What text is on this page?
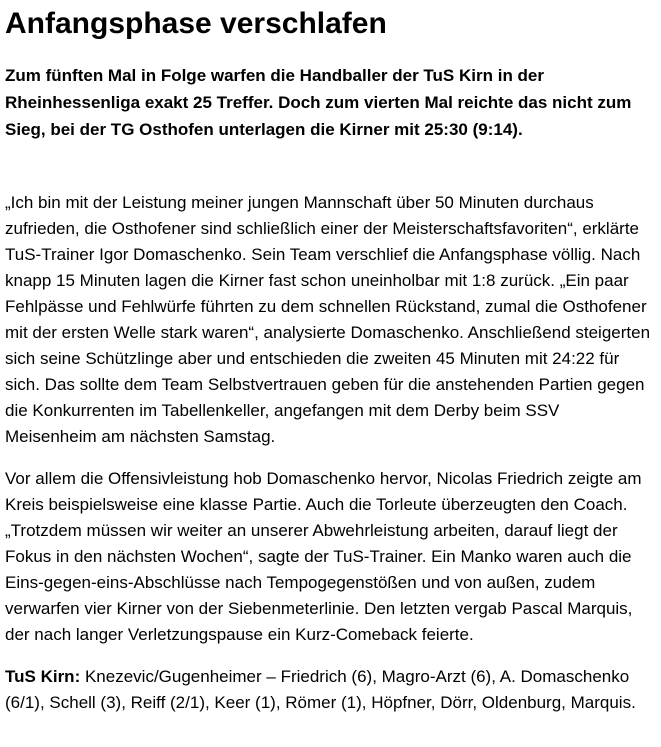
Anfangsphase verschlafen

Zum fünften Mal in Folge warfen die Handballer der TuS Kirn in der Rheinhessenliga exakt 25 Treffer. Doch zum vierten Mal reichte das nicht zum Sieg, bei der TG Osthofen unterlagen die Kirner mit 25:30 (9:14).

„Ich bin mit der Leistung meiner jungen Mannschaft über 50 Minuten durchaus zufrieden, die Osthofener sind schließlich einer der Meisterschaftsfavoriten“, erklärte TuS-Trainer Igor Domaschenko. Sein Team verschlief die Anfangsphase völlig. Nach knapp 15 Minuten lagen die Kirner fast schon uneinholbar mit 1:8 zurück. „Ein paar Fehlpässe und Fehlwürfe führten zu dem schnellen Rückstand, zumal die Osthofener mit der ersten Welle stark waren“, analysierte Domaschenko. Anschließend steigerten sich seine Schützlinge aber und entschieden die zweiten 45 Minuten mit 24:22 für sich. Das sollte dem Team Selbstvertrauen geben für die anstehenden Partien gegen die Konkurrenten im Tabellenkeller, angefangen mit dem Derby beim SSV Meisenheim am nächsten Samstag.

Vor allem die Offensivleistung hob Domaschenko hervor, Nicolas Friedrich zeigte am Kreis beispielsweise eine klasse Partie. Auch die Torleute überzeugten den Coach. „Trotzdem müssen wir weiter an unserer Abwehrleistung arbeiten, darauf liegt der Fokus in den nächsten Wochen“, sagte der TuS-Trainer. Ein Manko waren auch die Eins-gegen-eins-Abschlüsse nach Tempogegenstößen und von außen, zudem verwarfen vier Kirner von der Siebenmeterlinie. Den letzten vergab Pascal Marquis, der nach langer Verletzungspause ein Kurz-Comeback feierte.

TuS Kirn: Knezevic/Gugenheimer – Friedrich (6), Magro-Arzt (6), A. Domaschenko (6/1), Schell (3), Reiff (2/1), Keer (1), Römer (1), Höpfner, Dörr, Oldenburg, Marquis.
